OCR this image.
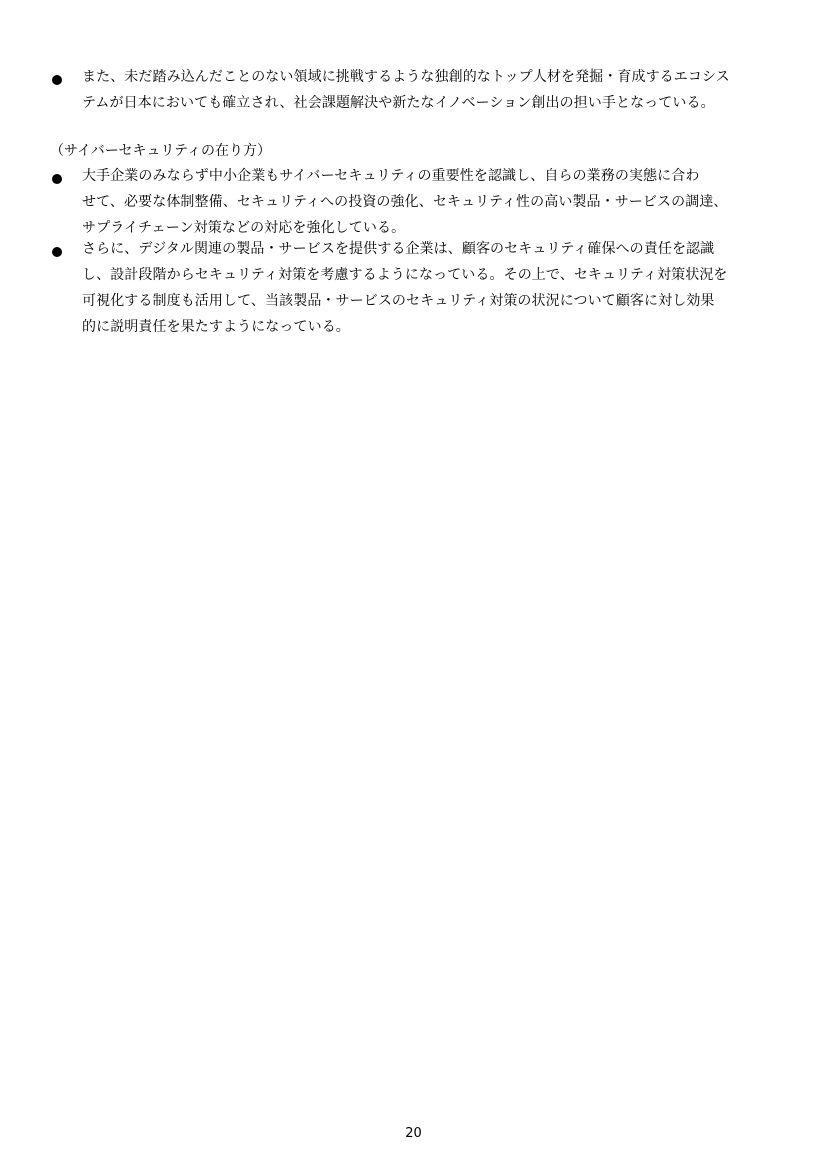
また、未だ踏み込んだことのない領域に挑戦するような独創的なトップ人材を発掘・育成するエコシス
テムが日本においても確立され、社会課題解決や新たなイノベーション創出の担い手となっている。
（サイバーセキュリティの在り方）
大手企業のみならず中小企業もサイバーセキュリティの重要性を認識し、自らの業務の実態に合わ
せて、必要な体制整備、セキュリティへの投資の強化、セキュリティ性の高い製品・サービスの調達、
サプライチェーン対策などの対応を強化している。
さらに、デジタル関連の製品・サービスを提供する企業は、顧客のセキュリティ確保への責任を認識
し、設計段階からセキュリティ対策を考慮するようになっている。その上で、セキュリティ対策状況を
可視化する制度も活用して、当該製品・サービスのセキュリティ対策の状況について顧客に対し効果
的に説明責任を果たすようになっている。
20
